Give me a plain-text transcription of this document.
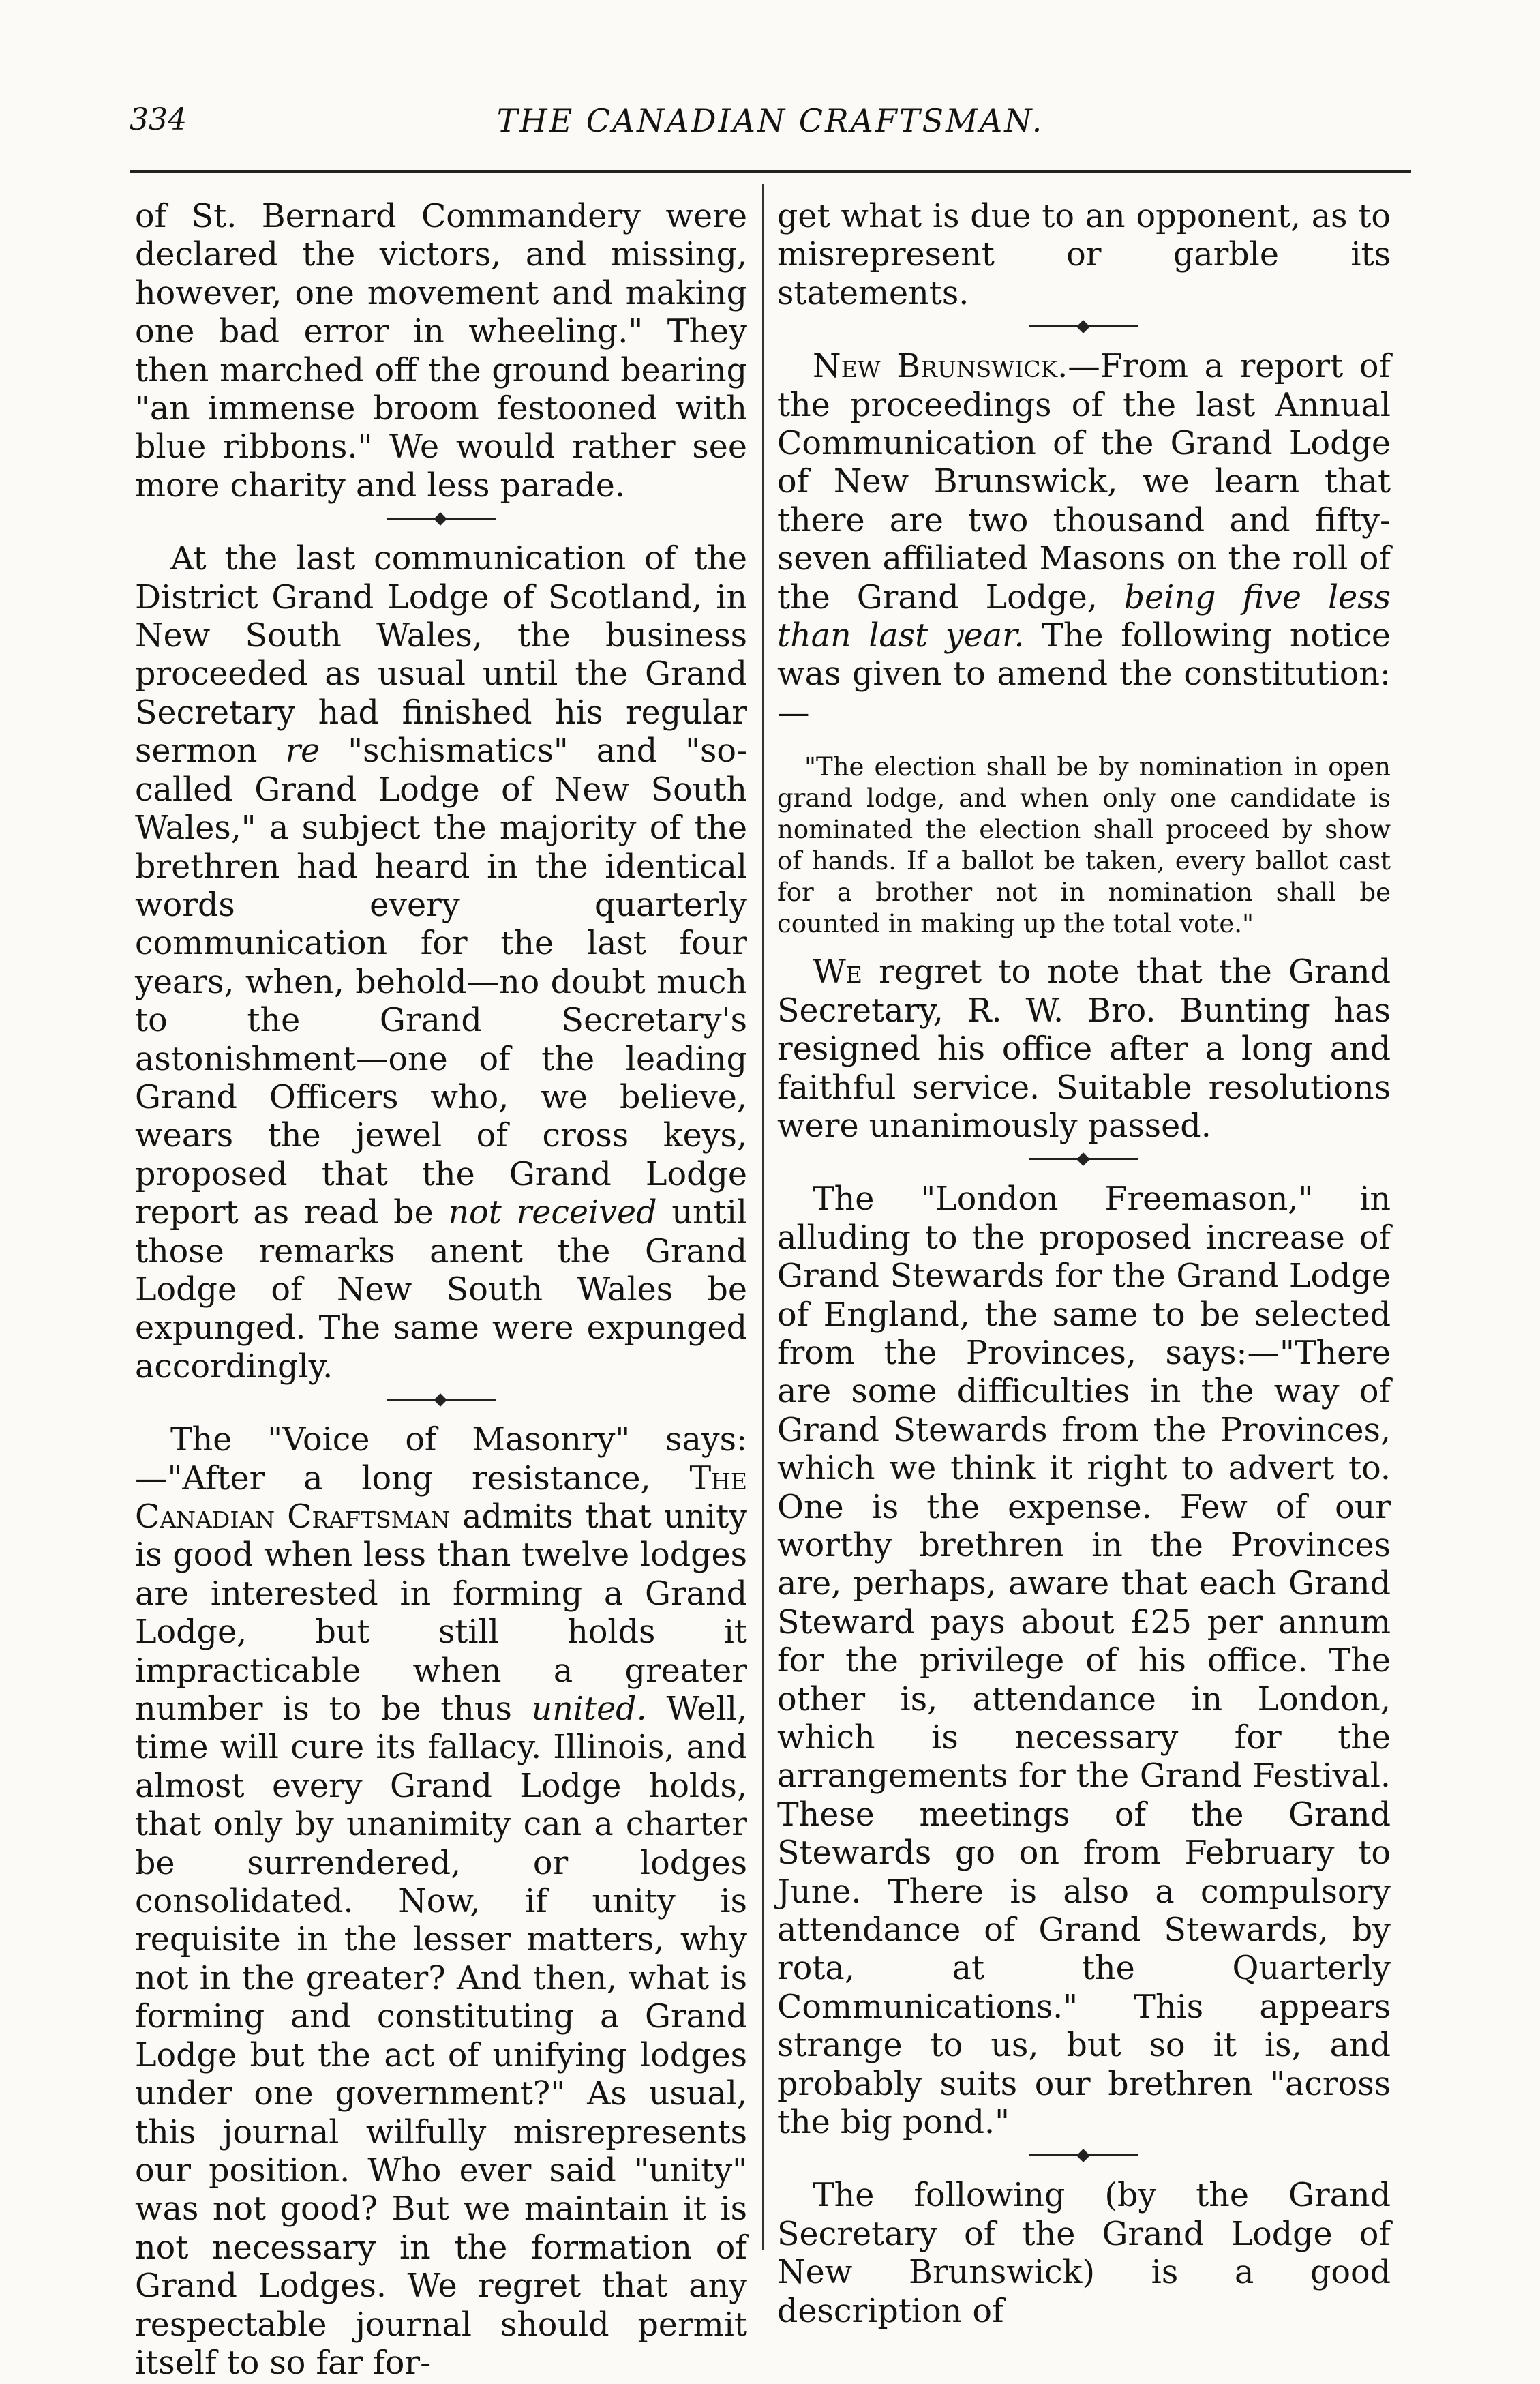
334	THE CANADIAN CRAFTSMAN.

of St. Bernard Commandery were declared the victors, and missing, however, one movement and making one bad error in wheeling." They then marched off the ground bearing "an immense broom festooned with blue ribbons." We would rather see more charity and less parade.

At the last communication of the District Grand Lodge of Scotland, in New South Wales, the business proceeded as usual until the Grand Secretary had finished his regular sermon re "schismatics" and "so-called Grand Lodge of New South Wales," a subject the majority of the brethren had heard in the identical words every quarterly communication for the last four years, when, behold—no doubt much to the Grand Secretary's astonishment—one of the leading Grand Officers who, we believe, wears the jewel of cross keys, proposed that the Grand Lodge report as read be not received until those remarks anent the Grand Lodge of New South Wales be expunged. The same were expunged accordingly.

The "Voice of Masonry" says:—"After a long resistance, The Canadian Craftsman admits that unity is good when less than twelve lodges are interested in forming a Grand Lodge, but still holds it impracticable when a greater number is to be thus united. Well, time will cure its fallacy. Illinois, and almost every Grand Lodge holds, that only by unanimity can a charter be surrendered, or lodges consolidated. Now, if unity is requisite in the lesser matters, why not in the greater? And then, what is forming and constituting a Grand Lodge but the act of unifying lodges under one government?" As usual, this journal wilfully misrepresents our position. Who ever said "unity" was not good? But we maintain it is not necessary in the formation of Grand Lodges. We regret that any respectable journal should permit itself to so far for-

get what is due to an opponent, as to misrepresent or garble its statements.

New Brunswick.—From a report of the proceedings of the last Annual Communication of the Grand Lodge of New Brunswick, we learn that there are two thousand and fifty-seven affiliated Masons on the roll of the Grand Lodge, being five less than last year. The following notice was given to amend the constitution:—

"The election shall be by nomination in open grand lodge, and when only one candidate is nominated the election shall proceed by show of hands. If a ballot be taken, every ballot cast for a brother not in nomination shall be counted in making up the total vote."

We regret to note that the Grand Secretary, R. W. Bro. Bunting has resigned his office after a long and faithful service. Suitable resolutions were unanimously passed.

The "London Freemason," in alluding to the proposed increase of Grand Stewards for the Grand Lodge of England, the same to be selected from the Provinces, says:—"There are some difficulties in the way of Grand Stewards from the Provinces, which we think it right to advert to. One is the expense. Few of our worthy brethren in the Provinces are, perhaps, aware that each Grand Steward pays about £25 per annum for the privilege of his office. The other is, attendance in London, which is necessary for the arrangements for the Grand Festival. These meetings of the Grand Stewards go on from February to June. There is also a compulsory attendance of Grand Stewards, by rota, at the Quarterly Communications." This appears strange to us, but so it is, and probably suits our brethren "across the big pond."

The following (by the Grand Secretary of the Grand Lodge of New Brunswick) is a good description of
